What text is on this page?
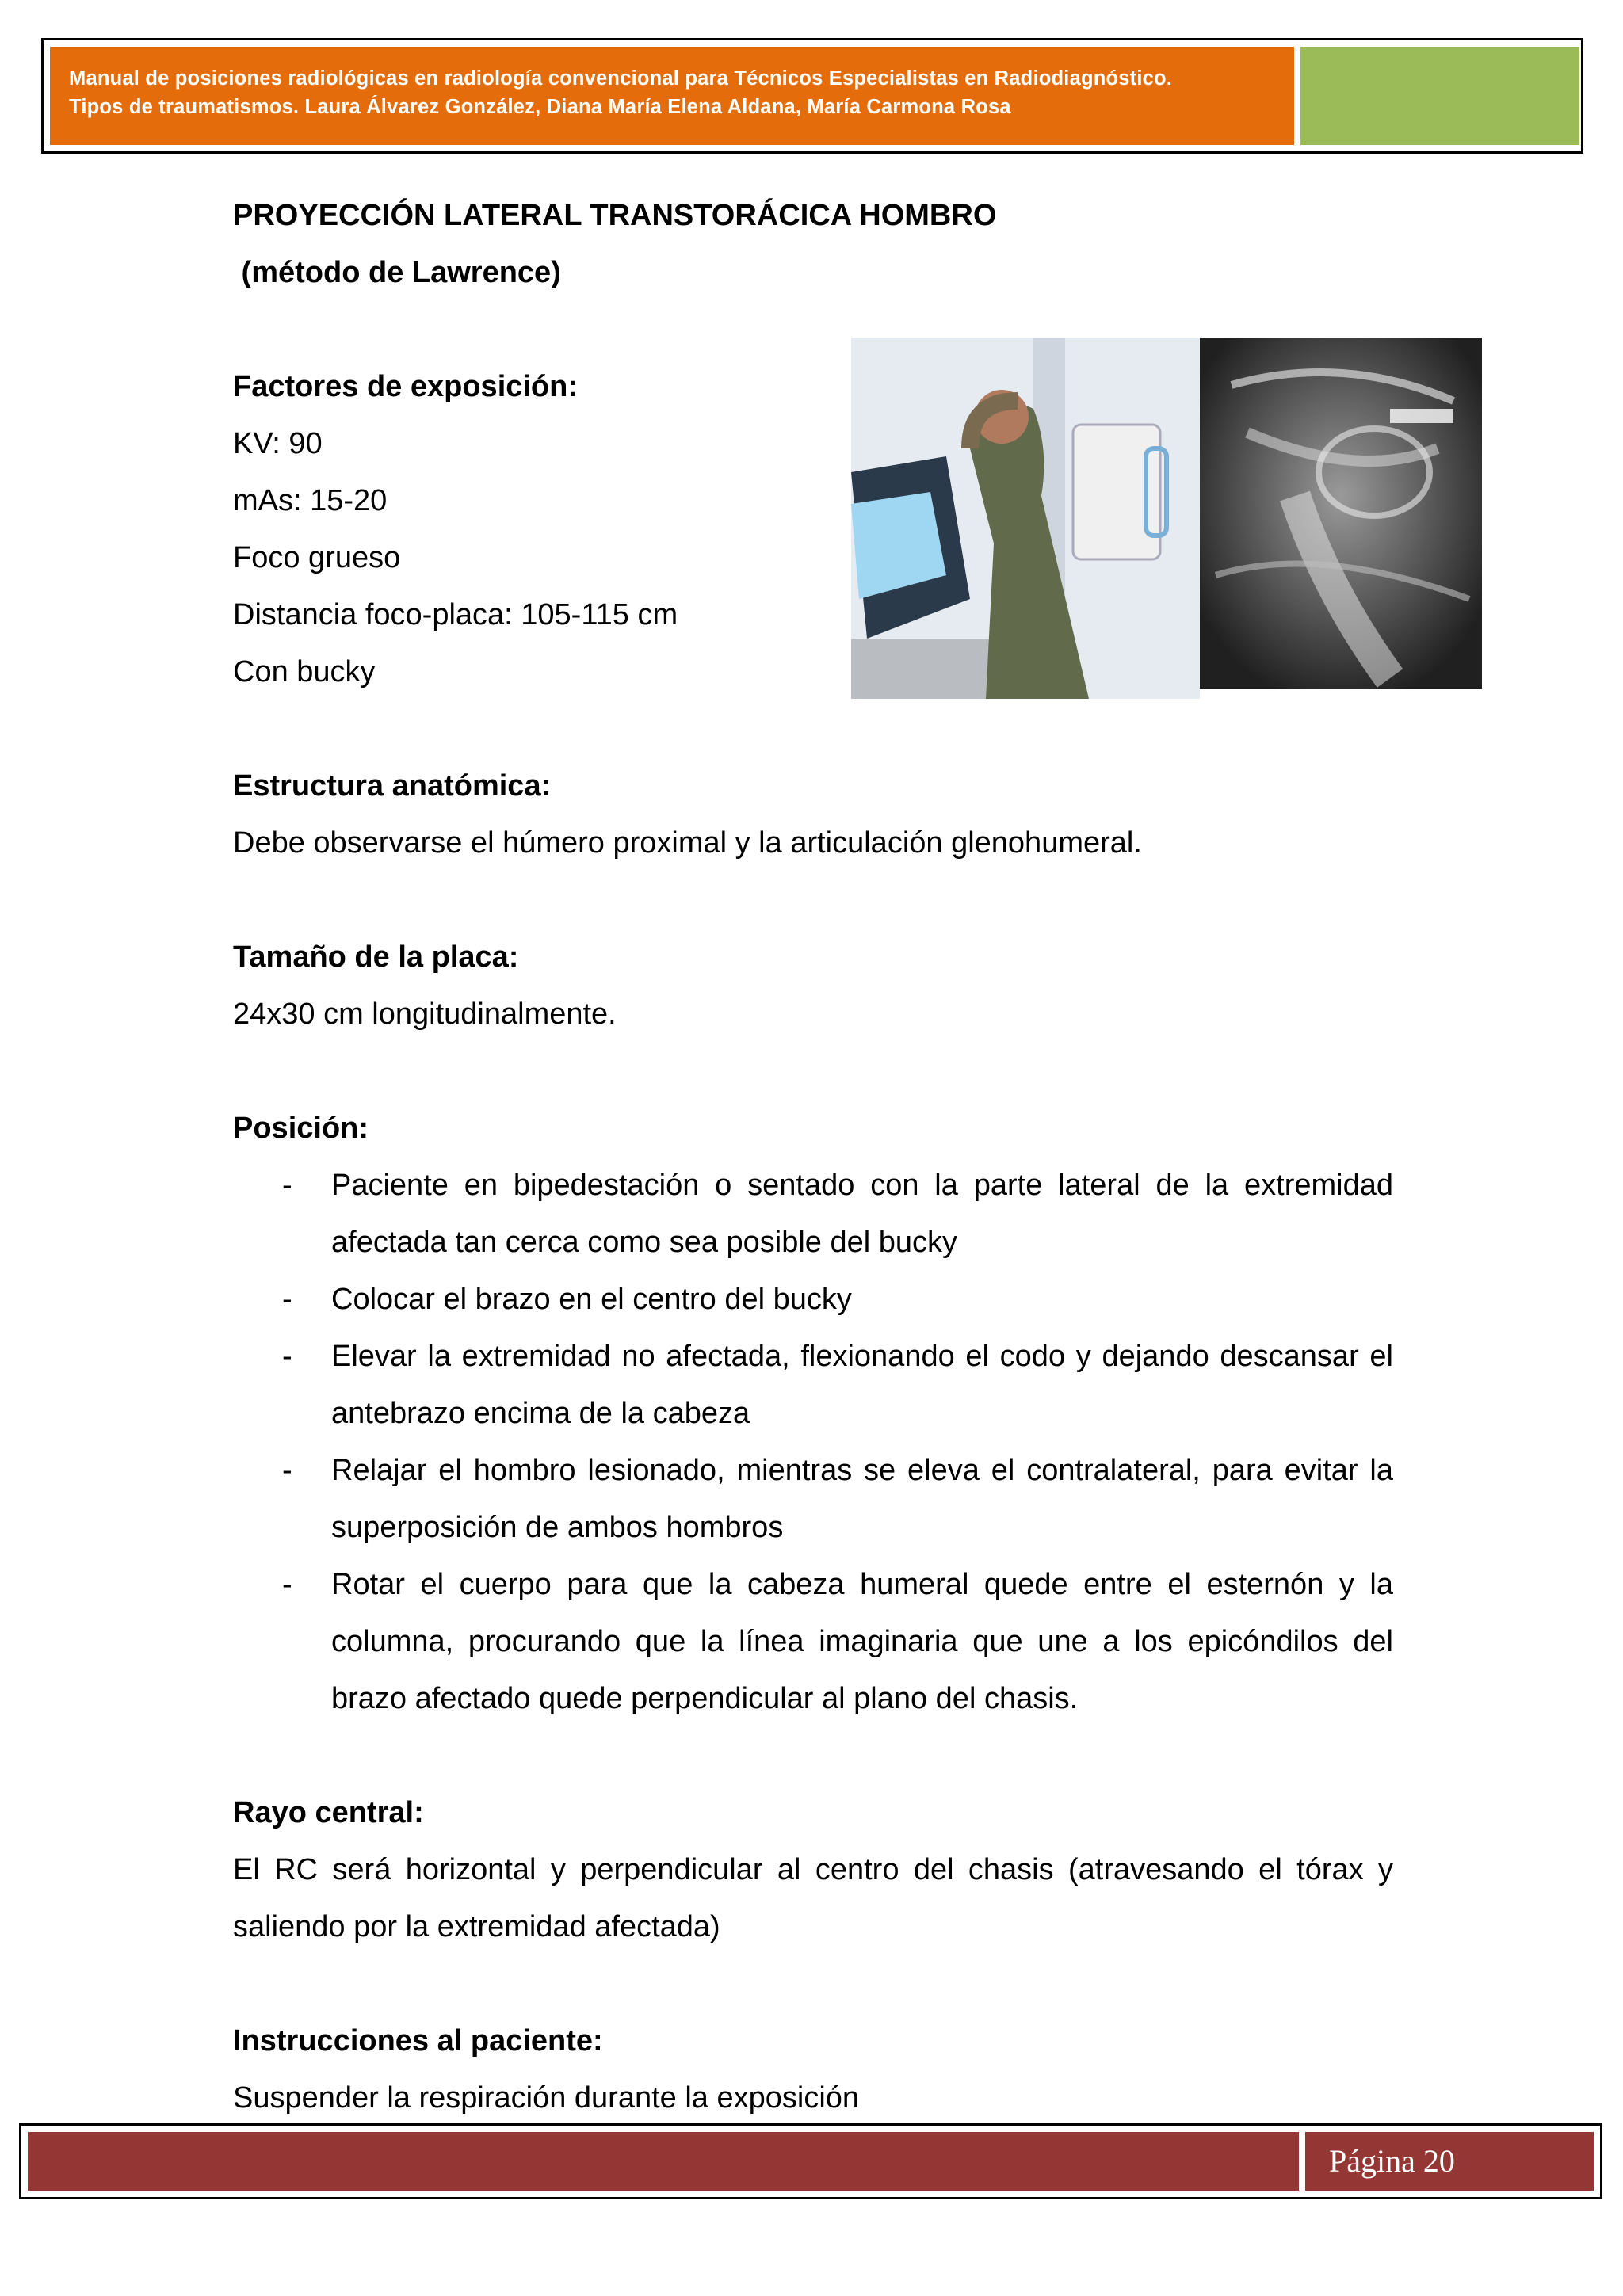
Manual de posiciones radiológicas en radiología convencional para Técnicos Especialistas en Radiodiagnóstico.
Tipos de traumatismos. Laura Álvarez González, Diana María Elena Aldana, María Carmona Rosa
PROYECCIÓN LATERAL TRANSTORÁCICA HOMBRO
(método de Lawrence)
Factores de exposición:
KV: 90
mAs: 15-20
Foco grueso
Distancia foco-placa: 105-115 cm
Con bucky
Estructura anatómica:
Debe observarse el húmero proximal y la articulación glenohumeral.
Tamaño de la placa:
24x30 cm longitudinalmente.
Posición:
- Paciente en bipedestación o sentado con la parte lateral de la extremidad afectada tan cerca como sea posible del bucky
- Colocar el brazo en el centro del bucky
- Elevar la extremidad no afectada, flexionando el codo y dejando descansar el antebrazo encima de la cabeza
- Relajar el hombro lesionado, mientras se eleva el contralateral, para evitar la superposición de ambos hombros
- Rotar el cuerpo para que la cabeza humeral quede entre el esternón y la columna, procurando que la línea imaginaria que une a los epicóndilos del brazo afectado quede perpendicular al plano del chasis.
Rayo central:
El RC será horizontal y perpendicular al centro del chasis (atravesando el tórax y saliendo por la extremidad afectada)
Instrucciones al paciente:
Suspender la respiración durante la exposición
Página 20
